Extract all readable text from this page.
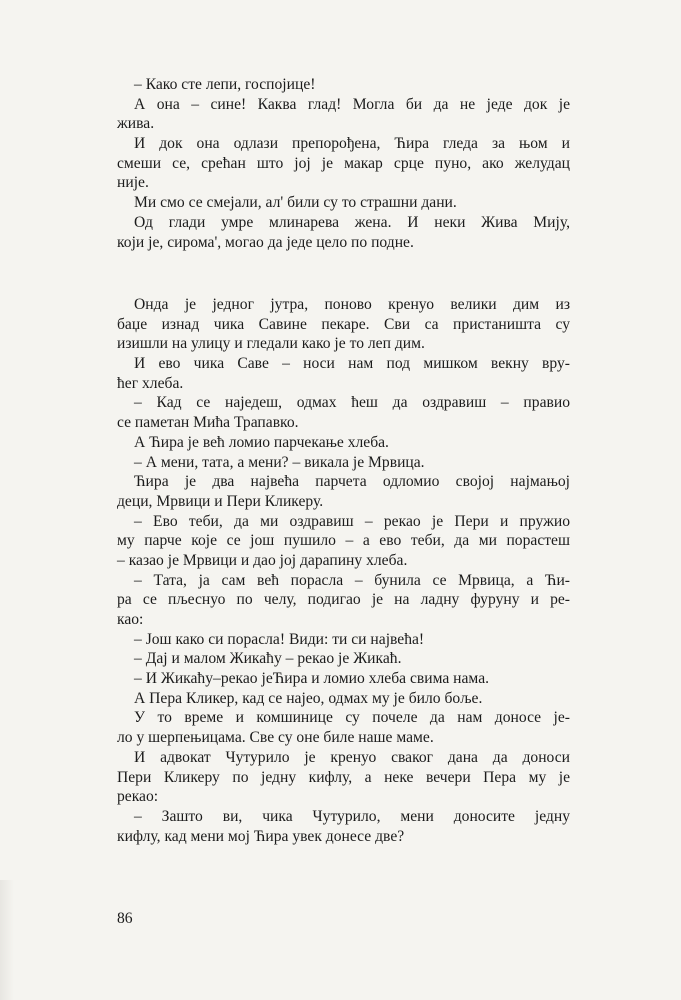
– Како сте лепи, госпојице!
А она – сине! Каква глад! Могла би да не једе док је
жива.
И док она одлази препорођена, Ћира гледа за њом и
смеши се, срећан што јој је макар срце пуно, ако желудац
није.
Ми смо се смејали, ал' били су то страшни дани.
Од глади умре млинарева жена. И неки Жива Мију,
који је, сирома', могао да једе цело по подне.
Онда је једног јутра, поново кренуо велики дим из
баџе изнад чика Савине пекаре. Сви са пристаништа су
изишли на улицу и гледали како је то леп дим.
И ево чика Саве – носи нам под мишком векну вру-
ћег хлеба.
– Кад се наједеш, одмах ћеш да оздравиш – правио
се паметан Мића Трапавко.
А Ћира је већ ломио парчекање хлеба.
– А мени, тата, а мени? – викала је Мрвица.
Ћира је два највећа парчета одломио својој најмањој
деци, Мрвици и Пери Кликеру.
– Ево теби, да ми оздравиш – рекао је Пери и пружио
му парче које се још пушило – а ево теби, да ми порастеш
– казао је Мрвици и дао јој дарапину хлеба.
– Тата, ја сам већ порасла – бунила се Мрвица, а Ћи-
ра се пљеснуо по челу, подигао је на ладну фуруну и ре-
као:
– Још како си порасла! Види: ти си највећа!
– Дај и малом Жикаћу – рекао је Жикаћ.
– И Жикаћу–рекао јеЋира и ломио хлеба свима нама.
А Пера Кликер, кад се најео, одмах му је било боље.
У то време и комшинице су почеле да нам доносе је-
ло у шерпењицама. Све су оне биле наше маме.
И адвокат Чутурило је кренуо сваког дана да доноси
Пери Кликеру по једну кифлу, а неке вечери Пера му је
рекао:
– Зашто ви, чика Чутурило, мени доносите једну
кифлу, кад мени мој Ћира увек донесе две?
86
